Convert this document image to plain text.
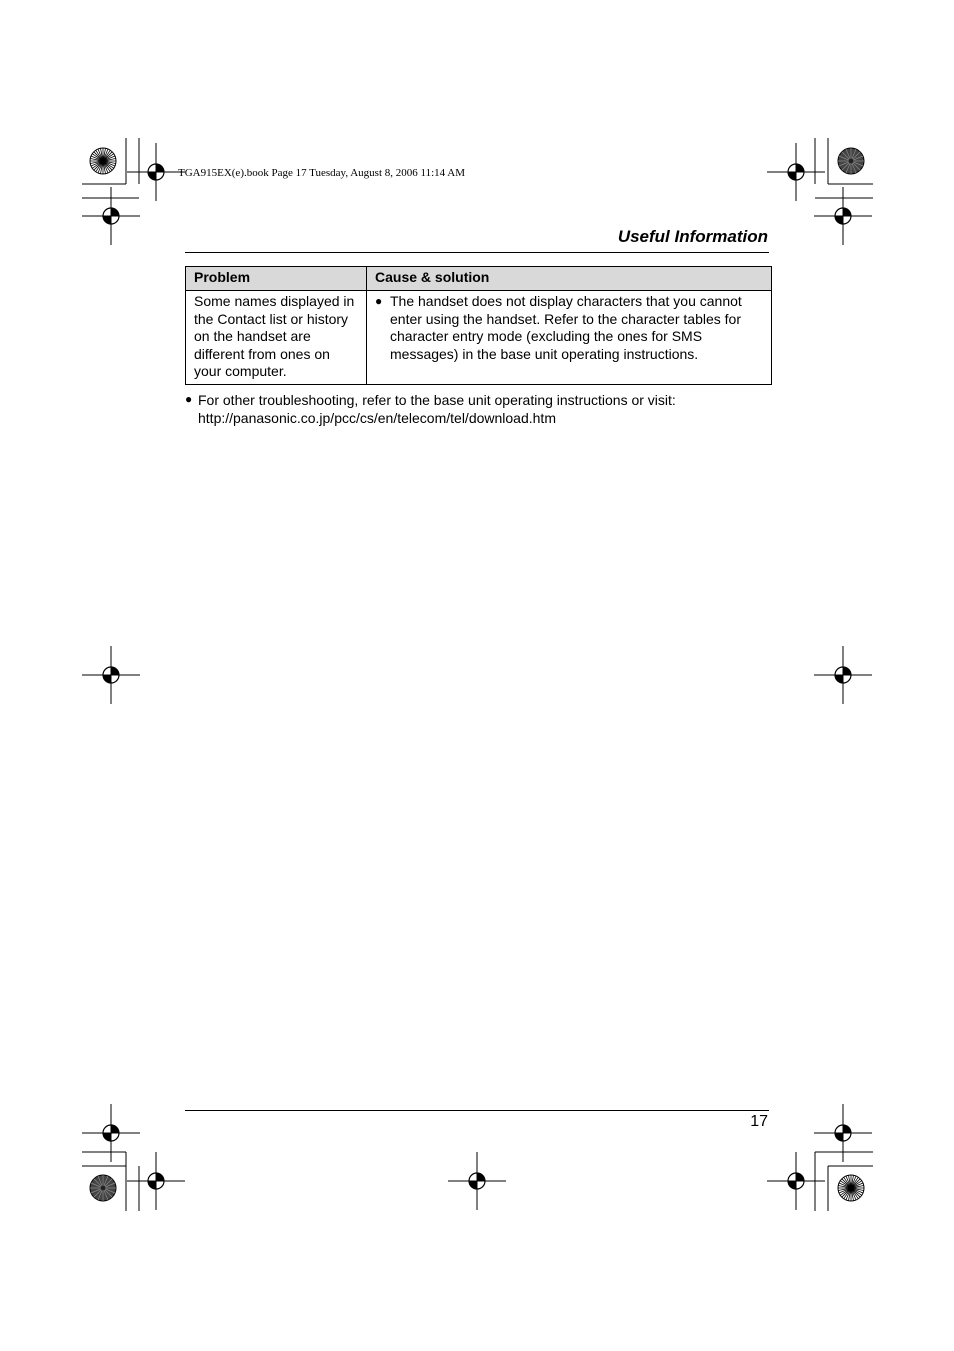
TGA915EX(e).book Page 17 Tuesday, August 8, 2006 11:14 AM
Useful Information
Problem	Cause & solution
Some names displayed in the Contact list or history on the handset are different from ones on your computer.	● The handset does not display characters that you cannot enter using the handset. Refer to the character tables for character entry mode (excluding the ones for SMS messages) in the base unit operating instructions.
● For other troubleshooting, refer to the base unit operating instructions or visit:
http://panasonic.co.jp/pcc/cs/en/telecom/tel/download.htm
17
